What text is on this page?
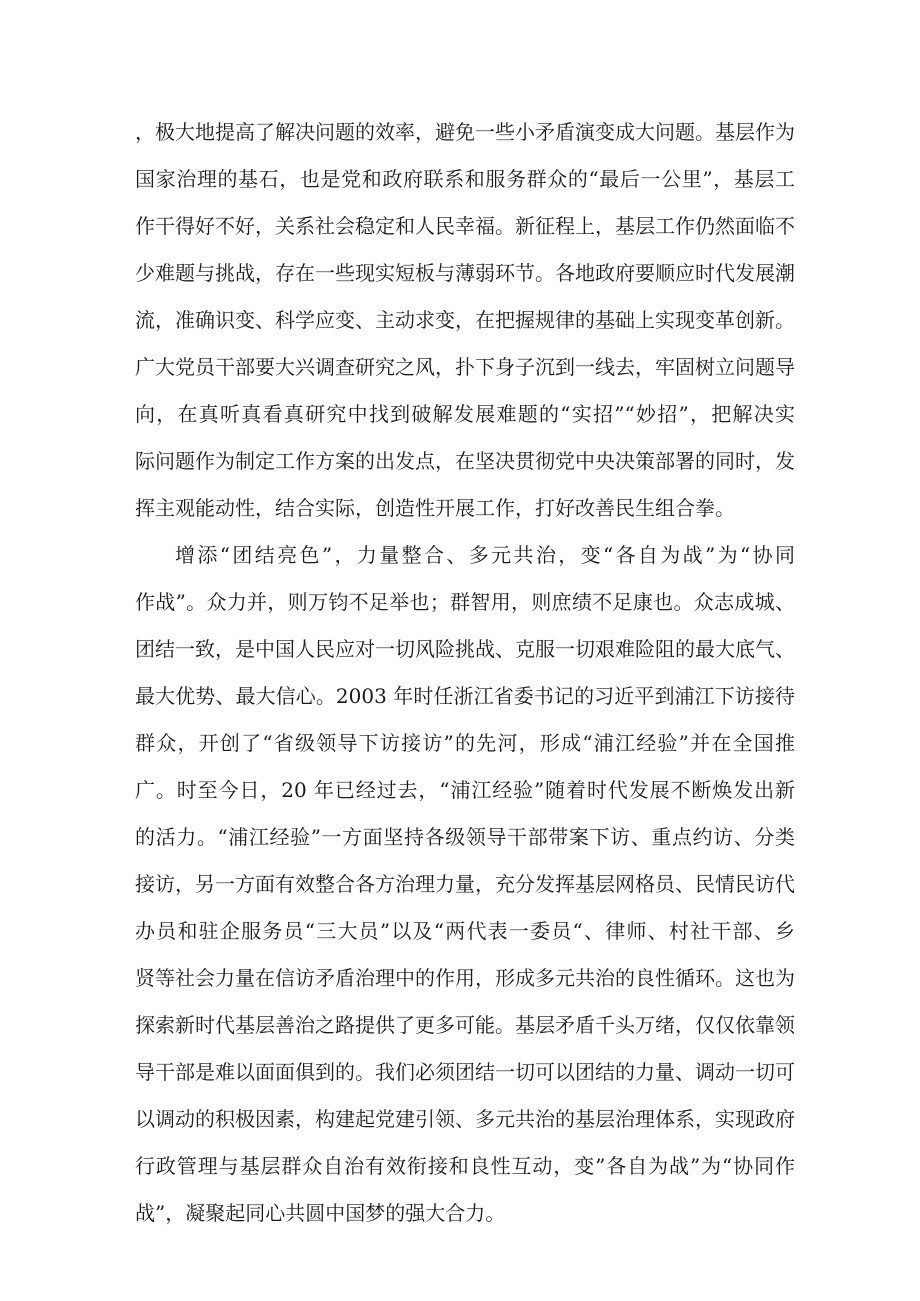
，极大地提高了解决问题的效率，避免一些小矛盾演变成大问题。基层作为
国家治理的基石，也是党和政府联系和服务群众的“最后一公里”，基层工
作干得好不好，关系社会稳定和人民幸福。新征程上，基层工作仍然面临不
少难题与挑战，存在一些现实短板与薄弱环节。各地政府要顺应时代发展潮
流，准确识变、科学应变、主动求变，在把握规律的基础上实现变革创新。
广大党员干部要大兴调查研究之风，扑下身子沉到一线去，牢固树立问题导
向，在真听真看真研究中找到破解发展难题的“实招”“妙招”，把解决实
际问题作为制定工作方案的出发点，在坚决贯彻党中央决策部署的同时，发
挥主观能动性，结合实际，创造性开展工作，打好改善民生组合拳。
增添“团结亮色”，力量整合、多元共治，变“各自为战”为“协同
作战”。众力并，则万钧不足举也；群智用，则庶绩不足康也。众志成城、
团结一致，是中国人民应对一切风险挑战、克服一切艰难险阻的最大底气、
最大优势、最大信心。2003 年时任浙江省委书记的习近平到浦江下访接待
群众，开创了“省级领导下访接访”的先河，形成“浦江经验”并在全国推
广。时至今日，20 年已经过去，“浦江经验”随着时代发展不断焕发出新
的活力。“浦江经验”一方面坚持各级领导干部带案下访、重点约访、分类
接访，另一方面有效整合各方治理力量，充分发挥基层网格员、民情民访代
办员和驻企服务员“三大员”以及“两代表一委员“、律师、村社干部、乡
贤等社会力量在信访矛盾治理中的作用，形成多元共治的良性循环。这也为
探索新时代基层善治之路提供了更多可能。基层矛盾千头万绪，仅仅依靠领
导干部是难以面面俱到的。我们必须团结一切可以团结的力量、调动一切可
以调动的积极因素，构建起党建引领、多元共治的基层治理体系，实现政府
行政管理与基层群众自治有效衔接和良性互动，变”各自为战”为“协同作
战”，凝聚起同心共圆中国梦的强大合力。
